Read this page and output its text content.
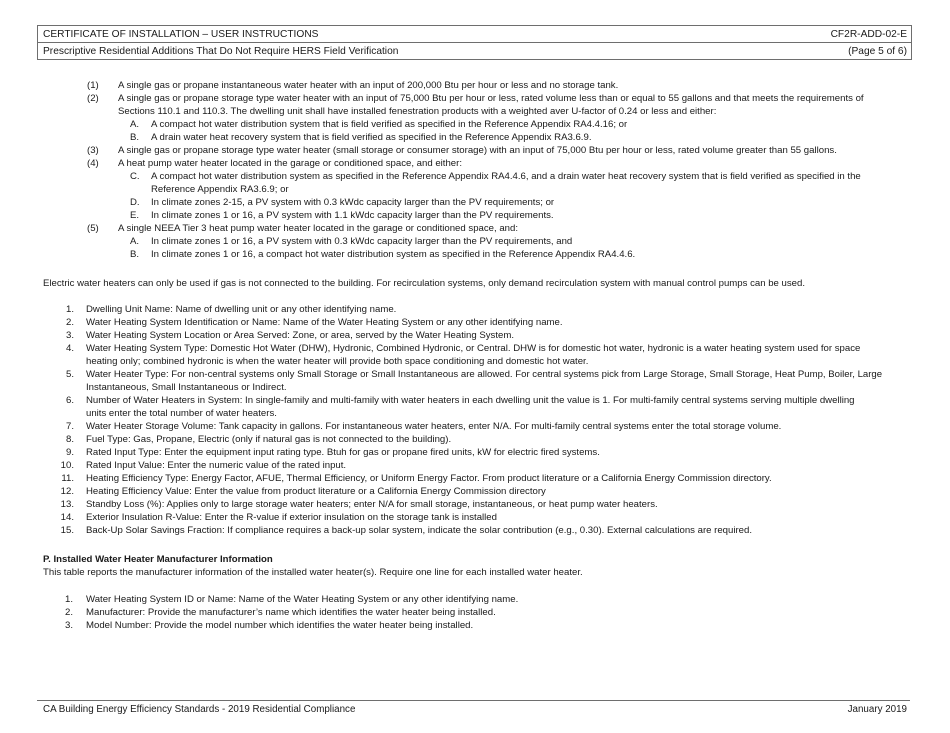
CERTIFICATE OF INSTALLATION – USER INSTRUCTIONS	CF2R-ADD-02-E
Prescriptive Residential Additions That Do Not Require HERS Field Verification	(Page 5 of 6)
(1) A single gas or propane instantaneous water heater with an input of 200,000 Btu per hour or less and no storage tank.
(2) A single gas or propane storage type water heater with an input of 75,000 Btu per hour or less, rated volume less than or equal to 55 gallons and that meets the requirements of
Sections 110.1 and 110.3. The dwelling unit shall have installed fenestration products with a weighted aver U-factor of 0.24 or less and either:
A. A compact hot water distribution system that is field verified as specified in the Reference Appendix RA4.4.16; or
B. A drain water heat recovery system that is field verified as specified in the Reference Appendix RA3.6.9.
(3) A single gas or propane storage type water heater (small storage or consumer storage) with an input of 75,000 Btu per hour or less, rated volume greater than 55 gallons.
(4) A heat pump water heater located in the garage or conditioned space, and either:
C. A compact hot water distribution system as specified in the Reference Appendix RA4.4.6, and a drain water heat recovery system that is field verified as specified in the
Reference Appendix RA3.6.9; or
D. In climate zones 2-15, a PV system with 0.3 kWdc capacity larger than the PV requirements; or
E. In climate zones 1 or 16, a PV system with 1.1 kWdc capacity larger than the PV requirements.
(5) A single NEEA Tier 3 heat pump water heater located in the garage or conditioned space, and:
A. In climate zones 1 or 16, a PV system with 0.3 kWdc capacity larger than the PV requirements, and
B. In climate zones 1 or 16, a compact hot water distribution system as specified in the Reference Appendix RA4.4.6.
Electric water heaters can only be used if gas is not connected to the building. For recirculation systems, only demand recirculation system with manual control pumps can be used.
1. Dwelling Unit Name: Name of dwelling unit or any other identifying name.
2. Water Heating System Identification or Name: Name of the Water Heating System or any other identifying name.
3. Water Heating System Location or Area Served: Zone, or area, served by the Water Heating System.
4. Water Heating System Type: Domestic Hot Water (DHW), Hydronic, Combined Hydronic, or Central. DHW is for domestic hot water, hydronic is a water heating system used for space
heating only; combined hydronic is when the water heater will provide both space conditioning and domestic hot water.
5. Water Heater Type: For non-central systems only Small Storage or Small Instantaneous are allowed. For central systems pick from Large Storage, Small Storage, Heat Pump, Boiler, Large
Instantaneous, Small Instantaneous or Indirect.
6. Number of Water Heaters in System: In single-family and multi-family with water heaters in each dwelling unit the value is 1. For multi-family central systems serving multiple dwelling
units enter the total number of water heaters.
7. Water Heater Storage Volume: Tank capacity in gallons. For instantaneous water heaters, enter N/A. For multi-family central systems enter the total storage volume.
8. Fuel Type: Gas, Propane, Electric (only if natural gas is not connected to the building).
9. Rated Input Type: Enter the equipment input rating type. Btuh for gas or propane fired units, kW for electric fired systems.
10. Rated Input Value: Enter the numeric value of the rated input.
11. Heating Efficiency Type: Energy Factor, AFUE, Thermal Efficiency, or Uniform Energy Factor. From product literature or a California Energy Commission directory.
12. Heating Efficiency Value: Enter the value from product literature or a California Energy Commission directory
13. Standby Loss (%): Applies only to large storage water heaters; enter N/A for small storage, instantaneous, or heat pump water heaters.
14. Exterior Insulation R-Value: Enter the R-value if exterior insulation on the storage tank is installed
15. Back-Up Solar Savings Fraction: If compliance requires a back-up solar system, indicate the solar contribution (e.g., 0.30). External calculations are required.
P. Installed Water Heater Manufacturer Information
This table reports the manufacturer information of the installed water heater(s). Require one line for each installed water heater.
1. Water Heating System ID or Name: Name of the Water Heating System or any other identifying name.
2. Manufacturer: Provide the manufacturer’s name which identifies the water heater being installed.
3. Model Number: Provide the model number which identifies the water heater being installed.
CA Building Energy Efficiency Standards - 2019 Residential Compliance	January 2019
